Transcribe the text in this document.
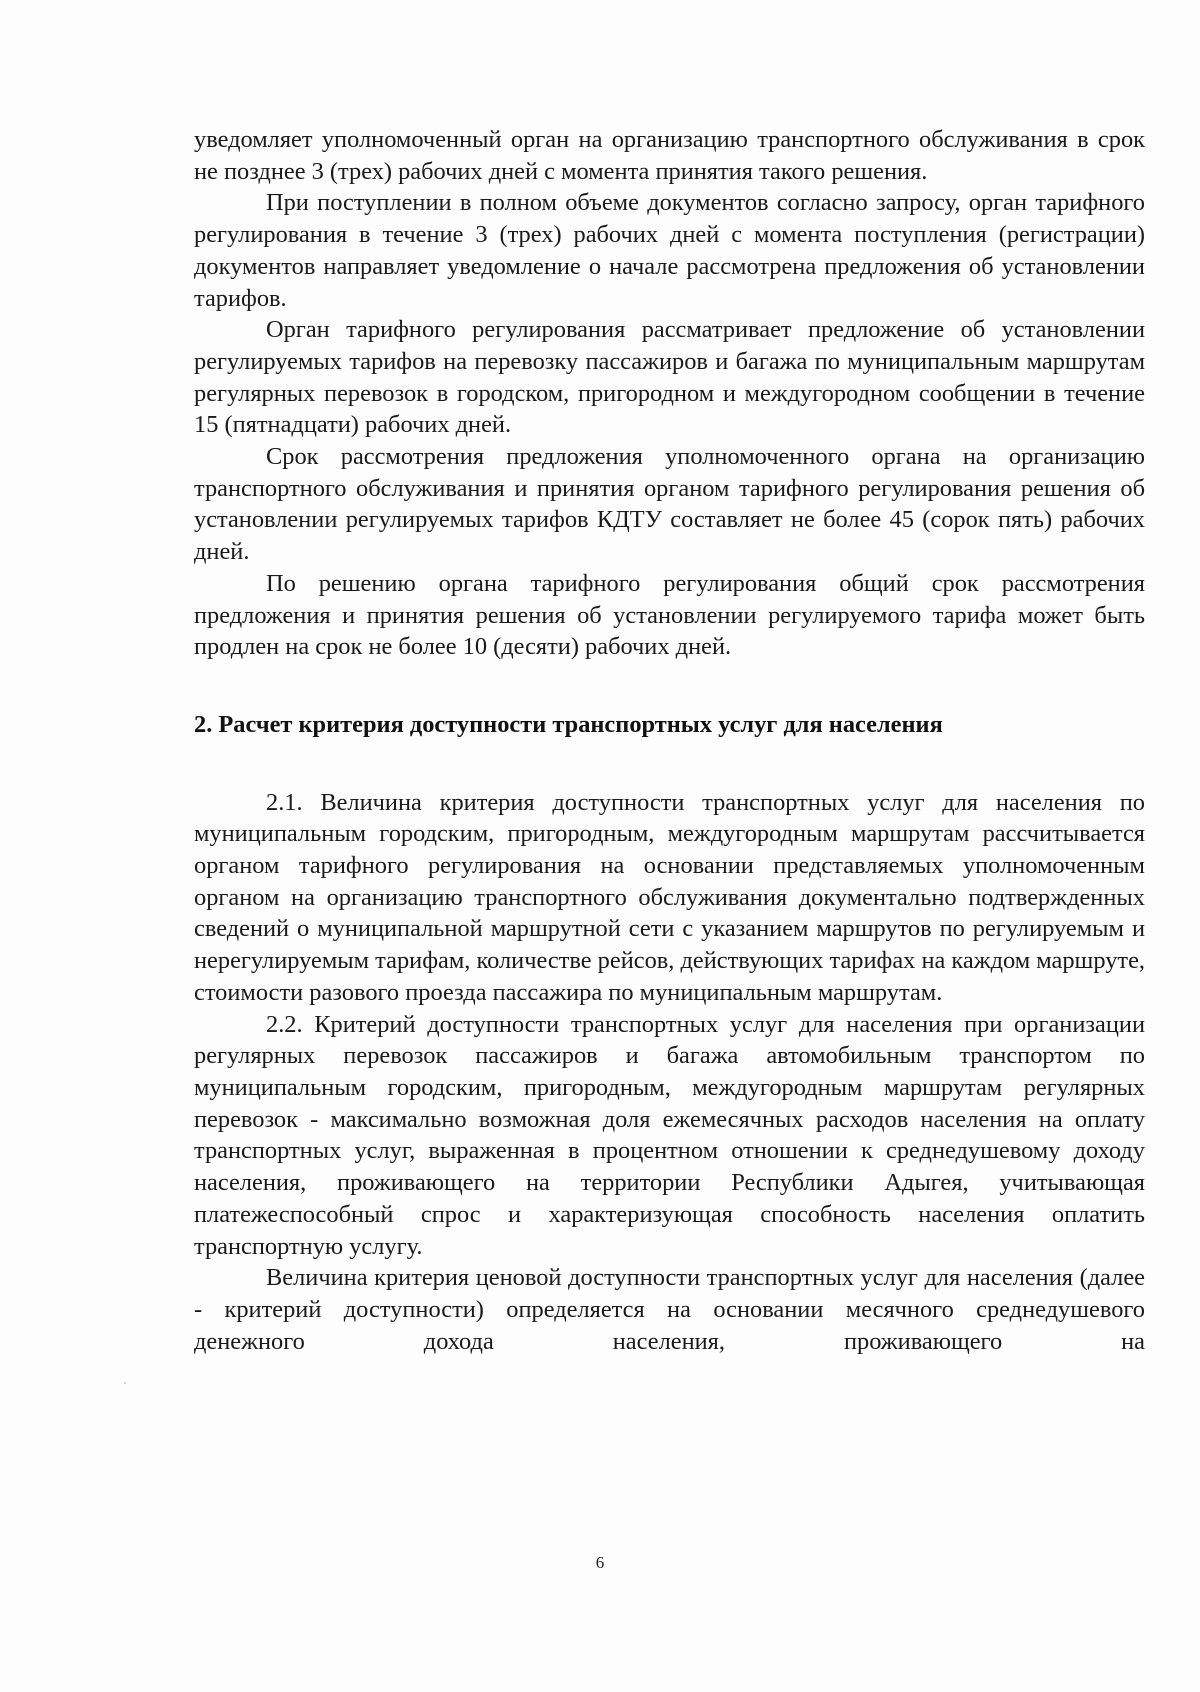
уведомляет уполномоченный орган на организацию транспортного обслуживания в срок не позднее 3 (трех) рабочих дней с момента принятия такого решения.

При поступлении в полном объеме документов согласно запросу, орган тарифного регулирования в течение 3 (трех) рабочих дней с момента поступления (регистрации) документов направляет уведомление о начале рассмотрена предложения об установлении тарифов.

Орган тарифного регулирования рассматривает предложение об установлении регулируемых тарифов на перевозку пассажиров и багажа по муниципальным маршрутам регулярных перевозок в городском, пригородном и междугородном сообщении в течение 15 (пятнадцати) рабочих дней.

Срок рассмотрения предложения уполномоченного органа на организацию транспортного обслуживания и принятия органом тарифного регулирования решения об установлении регулируемых тарифов КДТУ составляет не более 45 (сорок пять) рабочих дней.

По решению органа тарифного регулирования общий срок рассмотрения предложения и принятия решения об установлении регулируемого тарифа может быть продлен на срок не более 10 (десяти) рабочих дней.

2. Расчет критерия доступности транспортных услуг для населения

2.1. Величина критерия доступности транспортных услуг для населения по муниципальным городским, пригородным, междугородным маршрутам рассчитывается органом тарифного регулирования на основании представляемых уполномоченным органом на организацию транспортного обслуживания документально подтвержденных сведений о муниципальной маршрутной сети с указанием маршрутов по регулируемым и нерегулируемым тарифам, количестве рейсов, действующих тарифах на каждом маршруте, стоимости разового проезда пассажира по муниципальным маршрутам.

2.2. Критерий доступности транспортных услуг для населения при организации регулярных перевозок пассажиров и багажа автомобильным транспортом по муниципальным городским, пригородным, междугородным маршрутам регулярных перевозок - максимально возможная доля ежемесячных расходов населения на оплату транспортных услуг, выраженная в процентном отношении к среднедушевому доходу населения, проживающего на территории Республики Адыгея, учитывающая платежеспособный спрос и характеризующая способность населения оплатить транспортную услугу.

Величина критерия ценовой доступности транспортных услуг для населения (далее - критерий доступности) определяется на основании месячного среднедушевого денежного дохода населения, проживающего на

6
